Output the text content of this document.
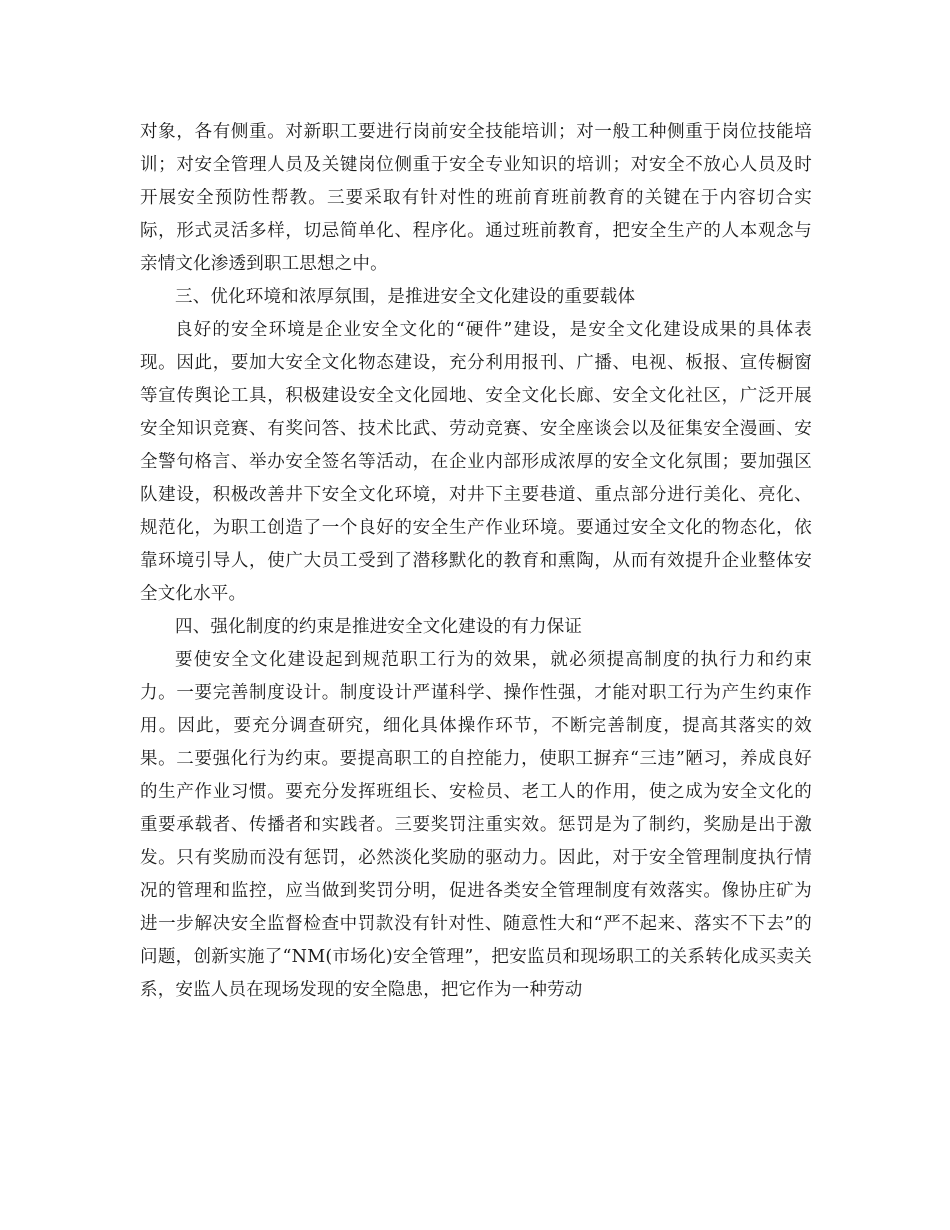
对象，各有侧重。对新职工要进行岗前安全技能培训；对一般工种侧重于岗位技能培训；对安全管理人员及关键岗位侧重于安全专业知识的培训；对安全不放心人员及时开展安全预防性帮教。三要采取有针对性的班前育班前教育的关键在于内容切合实际，形式灵活多样，切忌简单化、程序化。通过班前教育，把安全生产的人本观念与亲情文化渗透到职工思想之中。

三、优化环境和浓厚氛围，是推进安全文化建设的重要载体

良好的安全环境是企业安全文化的“硬件”建设，是安全文化建设成果的具体表现。因此，要加大安全文化物态建设，充分利用报刊、广播、电视、板报、宣传橱窗等宣传舆论工具，积极建设安全文化园地、安全文化长廊、安全文化社区，广泛开展安全知识竞赛、有奖问答、技术比武、劳动竞赛、安全座谈会以及征集安全漫画、安全警句格言、举办安全签名等活动，在企业内部形成浓厚的安全文化氛围；要加强区队建设，积极改善井下安全文化环境，对井下主要巷道、重点部分进行美化、亮化、规范化，为职工创造了一个良好的安全生产作业环境。要通过安全文化的物态化，依靠环境引导人，使广大员工受到了潜移默化的教育和熏陶，从而有效提升企业整体安全文化水平。

四、强化制度的约束是推进安全文化建设的有力保证

要使安全文化建设起到规范职工行为的效果，就必须提高制度的执行力和约束力。一要完善制度设计。制度设计严谨科学、操作性强，才能对职工行为产生约束作用。因此，要充分调查研究，细化具体操作环节，不断完善制度，提高其落实的效果。二要强化行为约束。要提高职工的自控能力，使职工摒弃“三违”陋习，养成良好的生产作业习惯。要充分发挥班组长、安检员、老工人的作用，使之成为安全文化的重要承载者、传播者和实践者。三要奖罚注重实效。惩罚是为了制约，奖励是出于激发。只有奖励而没有惩罚，必然淡化奖励的驱动力。因此，对于安全管理制度执行情况的管理和监控，应当做到奖罚分明，促进各类安全管理制度有效落实。像协庄矿为进一步解决安全监督检查中罚款没有针对性、随意性大和“严不起来、落实不下去”的问题，创新实施了“NM(市场化)安全管理”，把安监员和现场职工的关系转化成买卖关系，安监人员在现场发现的安全隐患，把它作为一种劳动
